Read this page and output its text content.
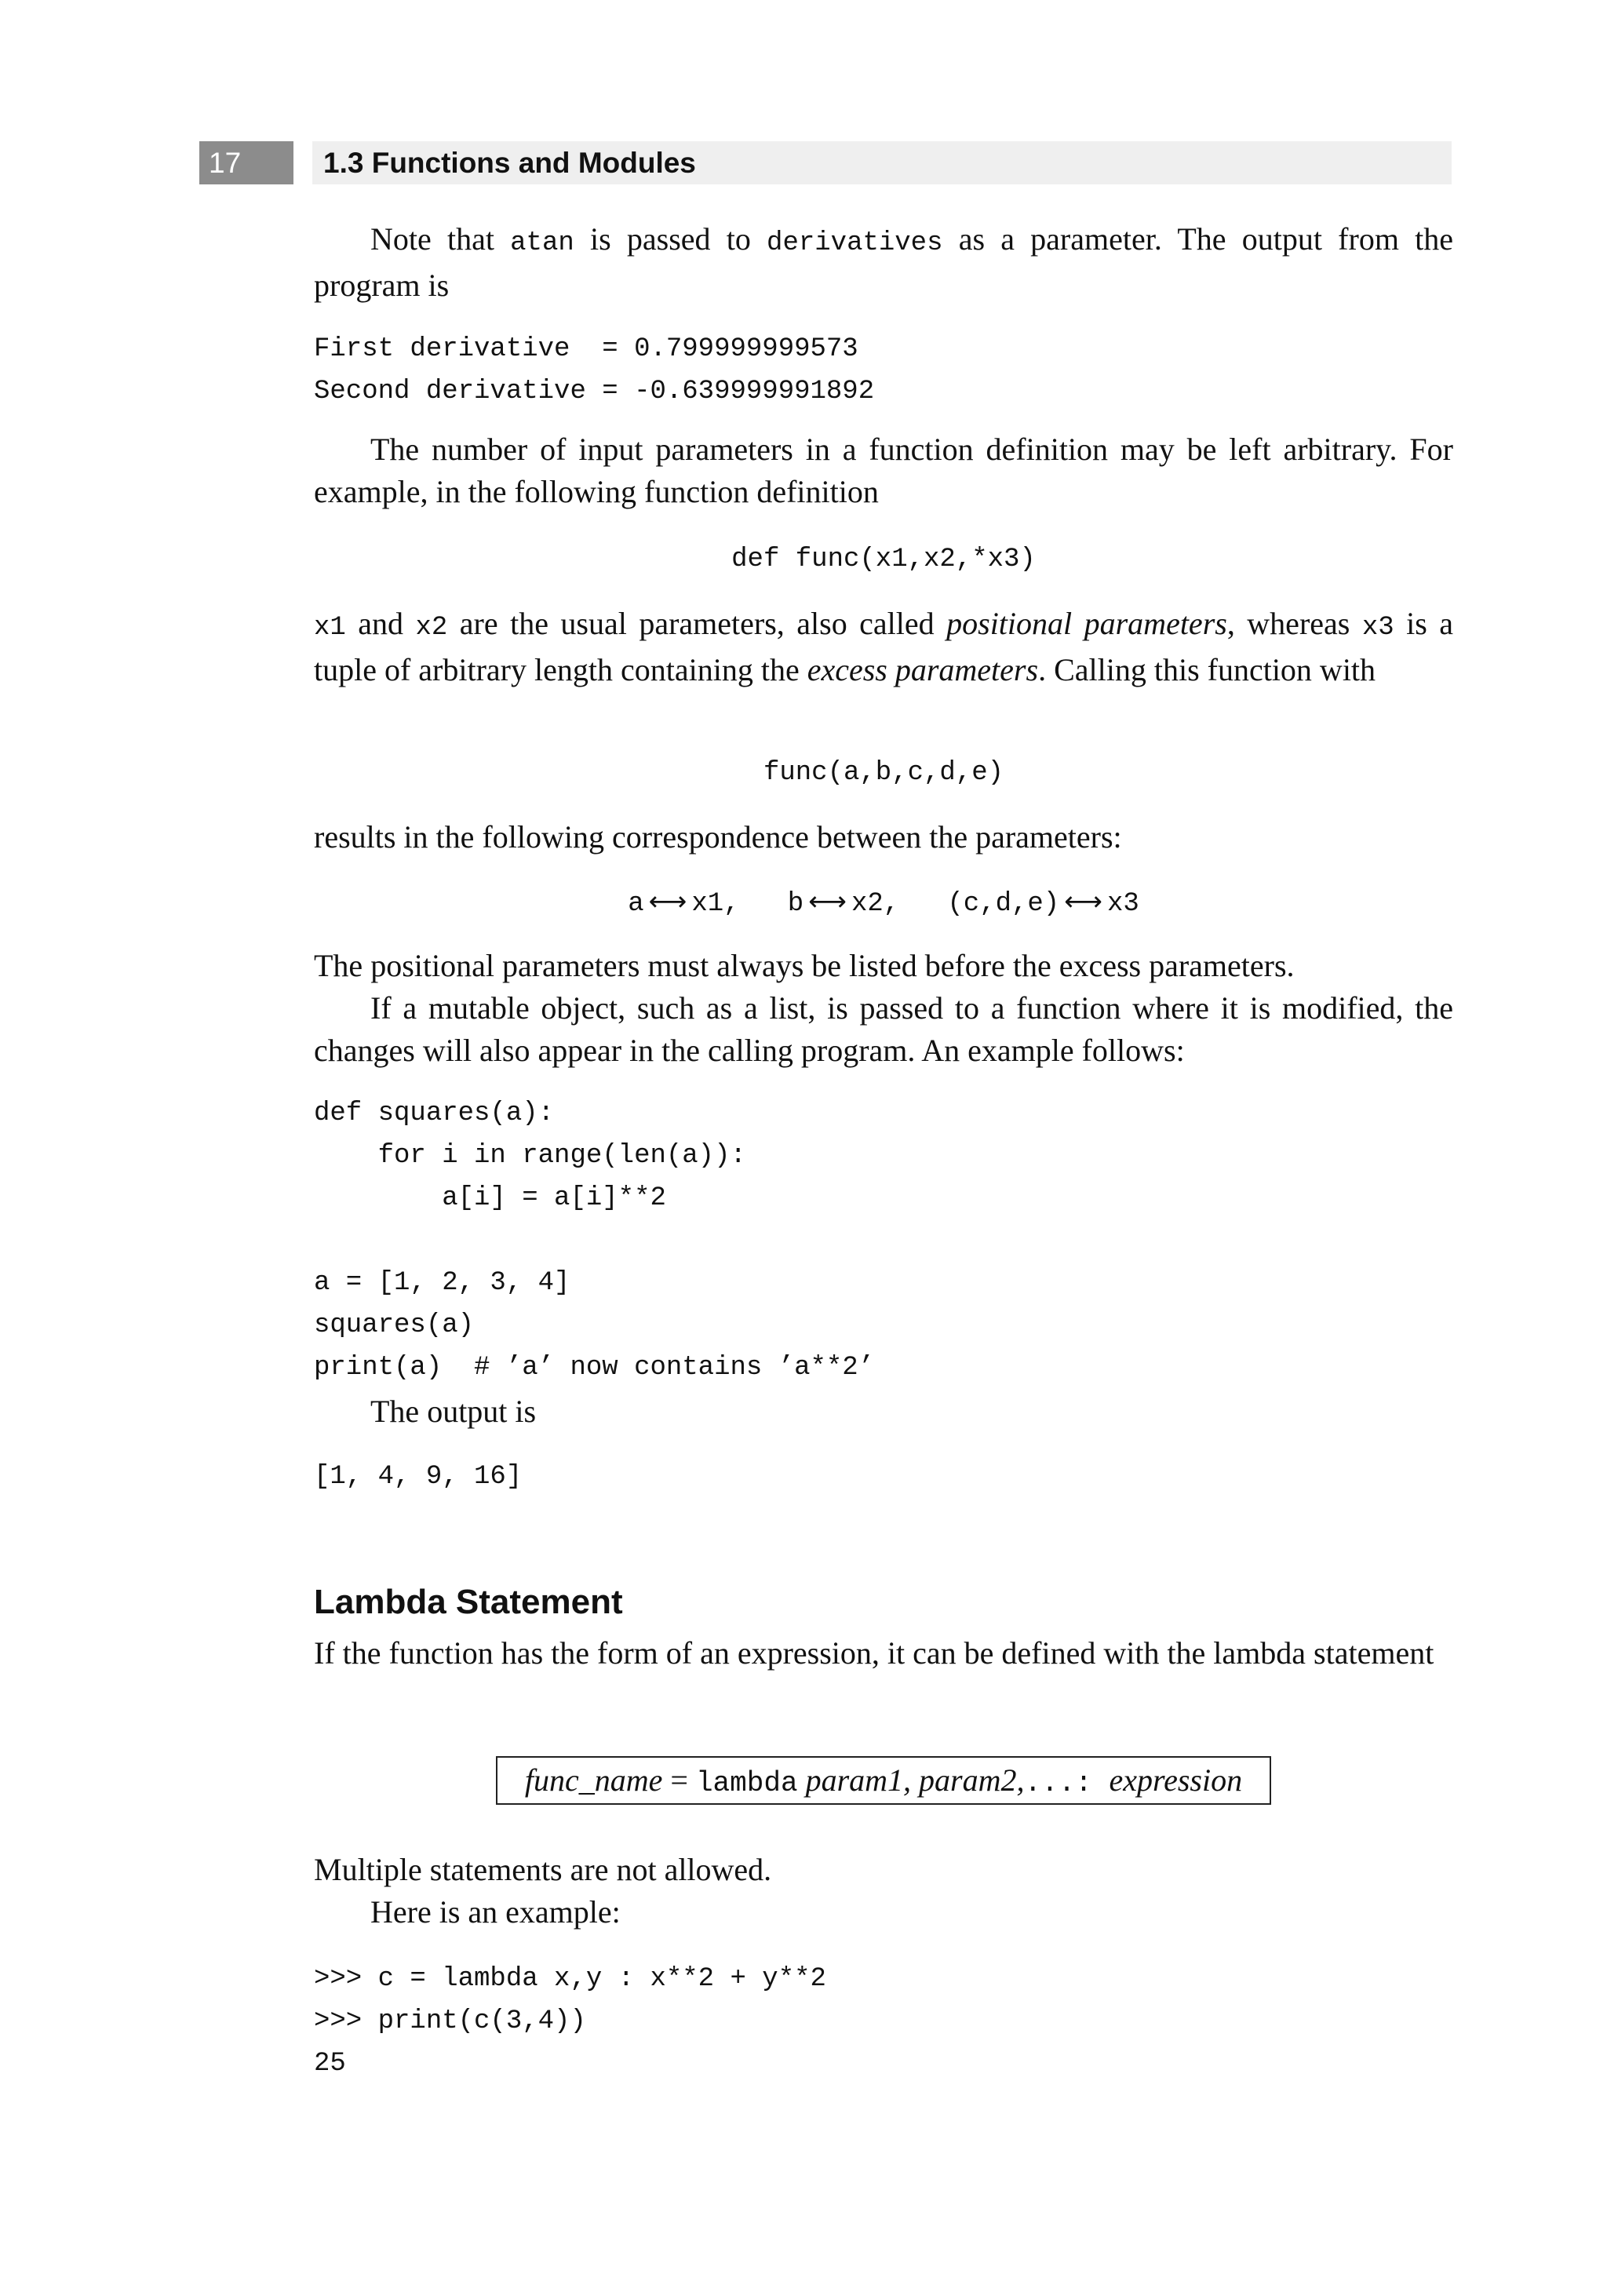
17	1.3 Functions and Modules

Note that atan is passed to derivatives as a parameter. The output from the program is

First derivative  = 0.799999999573
Second derivative = -0.639999991892

The number of input parameters in a function definition may be left arbitrary. For example, in the following function definition

def func(x1,x2,*x3)

x1 and x2 are the usual parameters, also called positional parameters, whereas x3 is a tuple of arbitrary length containing the excess parameters. Calling this function with

func(a,b,c,d,e)

results in the following correspondence between the parameters:

a ⟷ x1, b ⟷ x2, (c,d,e) ⟷ x3

The positional parameters must always be listed before the excess parameters.

If a mutable object, such as a list, is passed to a function where it is modified, the changes will also appear in the calling program. An example follows:

def squares(a):
for i in range(len(a)):
a[i] = a[i]**2
a = [1, 2, 3, 4]
squares(a)
print(a)  # ’a’ now contains ’a**2’

The output is

[1, 4, 9, 16]
Lambda Statement

If the function has the form of an expression, it can be defined with the lambda statement

func_name = lambda param1, param2,...: expression

Multiple statements are not allowed.

Here is an example:

>>> c = lambda x,y : x**2 + y**2
>>> print(c(3,4))
25
